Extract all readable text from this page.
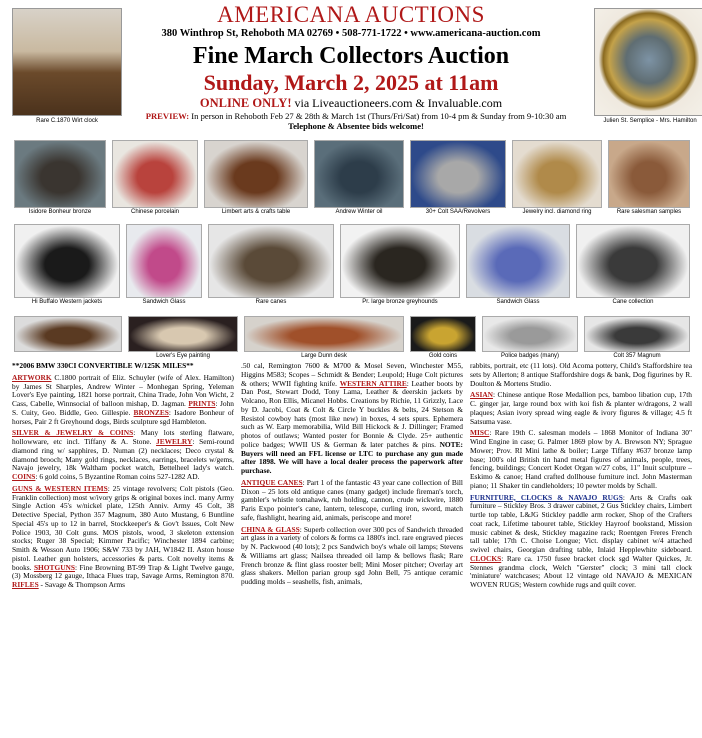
Rare C.1870 Wirt clock	Julien St. Semplice - Mrs. Hamilton
AMERICANA AUCTIONS
380 Winthrop St, Rehoboth MA 02769 • 508-771-1722 • www.americana-auction.com
Fine March Collectors Auction
Sunday, March 2, 2025 at 11am
ONLINE ONLY! via Liveauctioneers.com & Invaluable.com
PREVIEW: In person in Rehoboth Feb 27 & 28th & March 1st (Thurs/Fri/Sat) from 10-4 pm & Sunday from 9-10:30 am
Telephone & Absentee bids welcome!
Isidore Bonheur bronze	Chinese porcelain	Limbert arts & crafts table	Andrew Winter oil	30+ Colt SAA/Revolvers	Jewelry incl. diamond ring	Rare salesman samples
Hi Buffalo Western jackets	Sandwich Glass	Rare canes	Pr. large bronze greyhounds	Sandwich Glass	Cane collection
Lover's Eye painting	Large Dunn desk	Gold coins	Police badges (many)	Colt 357 Magnum

**2006 BMW 330CI CONVERTIBLE W/125K MILES**

ARTWORK C.1800 portrait of Eliz. Schuyler (wife of Alex. Hamilton) by James St Sharples, Andrew Winter – Monhegan Spring, Yeleman Lover's Eye painting, 1821 horse portrait, China Trade, John Von Wicht, 2 Cass, Cabelle, Winnsocial of balloon mishap, D. Jagman. PRINTS: John S. Cuity, Geo. Biddle, Geo. Gillespie. BRONZES: Isadore Bonheur of horses, Pair 2 ft Greyhound dogs, Birds sculpture sgd Hambleton.

SILVER & JEWELRY & COINS: Many lots sterling flatware, hollowware, etc incl. Tiffany & A. Stone. JEWELRY: Semi-round diamond ring w/ sapphires, D. Numan (2) necklaces; Deco crystal & diamond brooch; Many gold rings, necklaces, earrings, bracelets w/gems, Navajo jewelry, 18k Waltham pocket watch, Bettelheel lady's watch. COINS: 6 gold coins, 5 Byzantine Roman coins 527-1282 AD.

GUNS & WESTERN ITEMS: 25 vintage revolvers; Colt pistols (Geo. Franklin collection) most w/ivory grips & original boxes incl. many Army Single Action 45's w/nickel plate, 125th Anniv. Army 45 Colt, 38 Detective Special, Python 357 Magnum, 380 Auto Mustang, 6 Buntline Special 45's up to 12 in barrel, Stockkeeper's & Gov't Issues, Colt New Police 1903, 30 Colt guns. MOS pistols, wood, 3 skeleton extension stocks; Ruger 38 Special; Kimmer Pacific; Winchester 1894 carbine; Smith & Wesson Auto 1906; S&W 733 by JAH, W1842 II. Aston house pistol. Leather gun holsters, accessories & parts. Colt novelty items & books. SHOTGUNS: Fine Browning BT-99 Trap & Light Twelve gauge, (3) Mossberg 12 gauge, Ithaca Flues trap, Savage Arms, Remington 870. RIFLES - Savage & Thompson Arms

.50 cal, Remington 7600 & M700 & Mosel Seven, Winchester M55, Higgins M583; Scopes – Schmidt & Bender; Leupold; Huge Colt pictures & others; WWII fighting knife. WESTERN ATTIRE: Leather boots by Dan Post, Stewart Dodd, Tony Lama, Leather & deerskin jackets by Volcano, Ron Ellis, Micanel Hobbs. Creations by Richie, 11 Grizzly, Lace by D. Jacobi, Coat & Colt & Circle Y buckles & belts, 24 Stetson & Resistol cowboy hats (most like new) in boxes, 4 sets spurs. Ephemera such as W. Earp memorabilia, Wild Bill Hickock & J. Dillinger; Framed photos of outlaws; Wanted poster for Bonnie & Clyde. 25+ authentic police badges; WWII US & German & later patches & pins. NOTE: Buyers will need an FFL license or LTC to purchase any gun made after 1898. We will have a local dealer process the paperwork after purchase.

ANTIQUE CANES: Part 1 of the fantastic 43 year cane collection of Bill Dixon – 25 lots old antique canes (many gadget) include fireman's torch, gambler's whistle tomahawk, rub holding, cannon, crude wickwire, 1880 Paris Expo pointer's cane, lantern, telescope, curling iron, sword, match safe, flashlight, hearing aid, animals, periscope and more!

CHINA & GLASS: Superb collection over 300 pcs of Sandwich threaded art glass in a variety of colors & forms ca 1880's incl. rare engraved pieces by N. Packwood (40 lots); 2 pcs Sandwich boy's whale oil lamps; Stevens & Williams art glass; Nailsea threaded oil lamp & bellows flask; Rare French bronze & flint glass rooster bell; Mini Moser pitcher; Overlay art glass shakers. Mellon parian group sgd John Bell, 75 antique ceramic pudding molds – seashells, fish, animals,

rabbits, portrait, etc (11 lots). Old Acoma pottery, Child's Staffordshire tea sets by Allerton; 8 antique Staffordshire dogs & bank, Dog figurines by R. Doulton & Mortens Studio.

ASIAN: Chinese antique Rose Medallion pcs, bamboo libation cup, 17th C. ginger jar, large round box with koi fish & planter w/dragons, 2 wall plaques; Asian ivory spread wing eagle & ivory figures & village; 4.5 ft Satsuma vase.

MISC: Rare 19th C. salesman models – 1868 Monitor of Indiana 30" Wind Engine in case; G. Palmer 1869 plow by A. Brewson NY; Sprague Mower; Prov. RI Mini lathe & boiler; Large Tiffany #637 bronze lamp base; 100's old British tin hand metal figures of animals, people, trees, fencing, buildings; Concert Kodet Organ w/27 cobs, 11" Inuit sculpture – Eskimo & canoe; Hand crafted dollhouse furniture incl. John Masterman piano; 11 Shaker tin candleholders; 10 pewter molds by Schall.

FURNITURE, CLOCKS & NAVAJO RUGS: Arts & Crafts oak furniture – Stickley Bros. 3 drawer cabinet, 2 Gus Stickley chairs, Limbert turtle top table, L&JG Stickley paddle arm rocker, Shop of the Crafters coat rack, Lifetime tabouret table, Stickley Hayroof bookstand, Mission music cabinet & desk, Stickley magazine rack; Roentgen Freres French tall table; 17th C. Choise Longue; Vict. display cabinet w/4 attached swivel chairs, Georgian drafting table, Inlaid Hepplewhite sideboard. CLOCKS: Rare ca. 1750 fusee bracket clock sgd Walter Quickes, Jr. Stennes grandma clock, Welch "Gerster" clock; 3 mini tall clock 'miniature' watchcases; About 12 vintage old NAVAJO & MEXICAN WOVEN RUGS; Western cowhide rugs and quilt cover.
